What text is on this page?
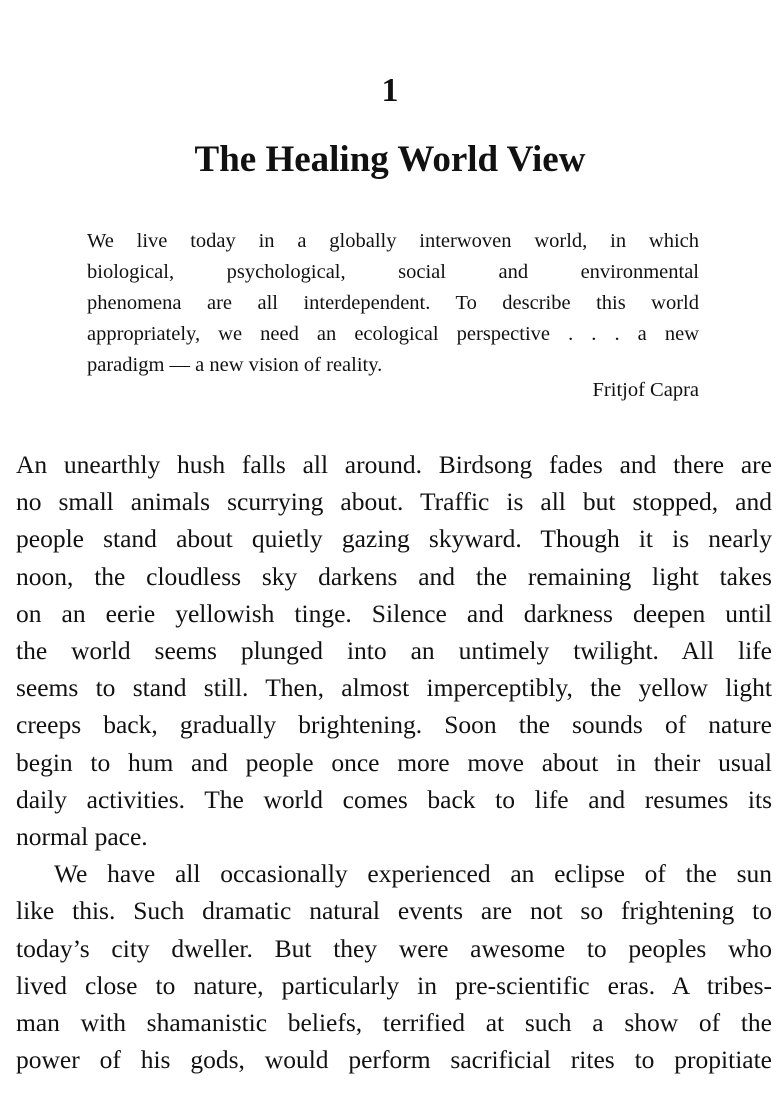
1
The Healing World View
We live today in a globally interwoven world, in which
biological, psychological, social and environmental
phenomena are all interdependent. To describe this world
appropriately, we need an ecological perspective . . . a new
paradigm — a new vision of reality.
Fritjof Capra
An unearthly hush falls all around. Birdsong fades and there are
no small animals scurrying about. Traffic is all but stopped, and
people stand about quietly gazing skyward. Though it is nearly
noon, the cloudless sky darkens and the remaining light takes
on an eerie yellowish tinge. Silence and darkness deepen until
the world seems plunged into an untimely twilight. All life
seems to stand still. Then, almost imperceptibly, the yellow light
creeps back, gradually brightening. Soon the sounds of nature
begin to hum and people once more move about in their usual
daily activities. The world comes back to life and resumes its
normal pace.
We have all occasionally experienced an eclipse of the sun
like this. Such dramatic natural events are not so frightening to
today’s city dweller. But they were awesome to peoples who
lived close to nature, particularly in pre-scientific eras. A tribes-
man with shamanistic beliefs, terrified at such a show of the
power of his gods, would perform sacrificial rites to propitiate
